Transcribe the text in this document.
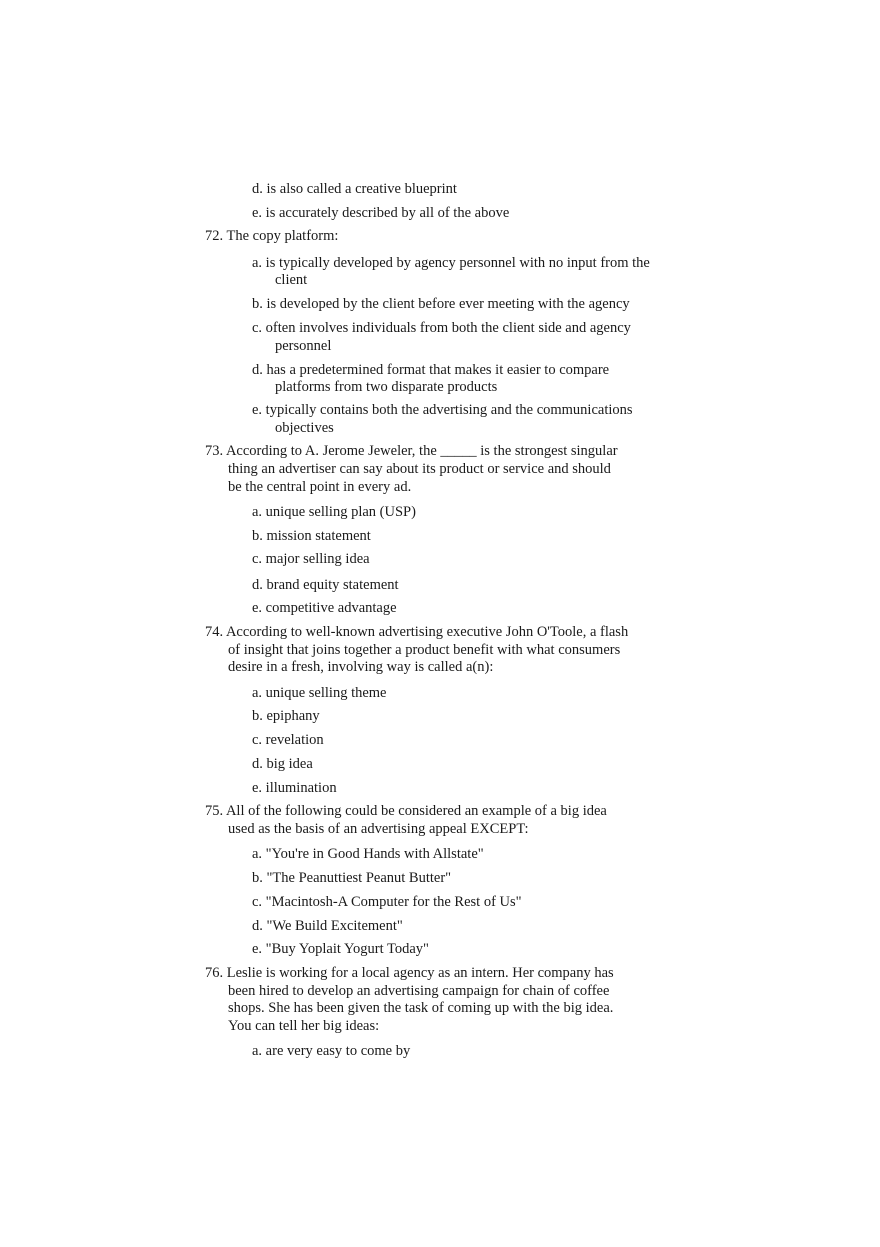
d. is also called a creative blueprint
e. is accurately described by all of the above
72. The copy platform:
a. is typically developed by agency personnel with no input from the
client
b. is developed by the client before ever meeting with the agency
c. often involves individuals from both the client side and agency
personnel
d. has a predetermined format that makes it easier to compare
platforms from two disparate products
e. typically contains both the advertising and the communications
objectives
73. According to A. Jerome Jeweler, the _____ is the strongest singular
thing an advertiser can say about its product or service and should
be the central point in every ad.
a. unique selling plan (USP)
b. mission statement
c. major selling idea
d. brand equity statement
e. competitive advantage
74. According to well-known advertising executive John O'Toole, a flash
of insight that joins together a product benefit with what consumers
desire in a fresh, involving way is called a(n):
a. unique selling theme
b. epiphany
c. revelation
d. big idea
e. illumination
75. All of the following could be considered an example of a big idea
used as the basis of an advertising appeal EXCEPT:
a. "You're in Good Hands with Allstate"
b. "The Peanuttiest Peanut Butter"
c. "Macintosh-A Computer for the Rest of Us"
d. "We Build Excitement"
e. "Buy Yoplait Yogurt Today"
76. Leslie is working for a local agency as an intern. Her company has
been hired to develop an advertising campaign for chain of coffee
shops. She has been given the task of coming up with the big idea.
You can tell her big ideas:
a. are very easy to come by
